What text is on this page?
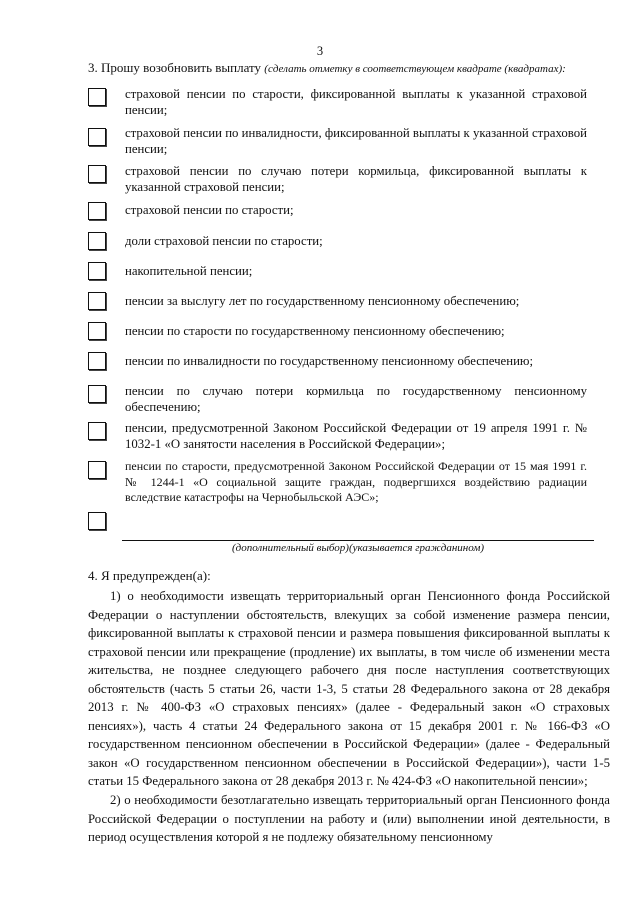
3
3. Прошу возобновить выплату (сделать отметку в соответствующем квадрате (квадратах):
страховой пенсии по старости, фиксированной выплаты к указанной страховой пенсии;
страховой пенсии по инвалидности, фиксированной выплаты к указанной страховой пенсии;
страховой пенсии по случаю потери кормильца, фиксированной выплаты к указанной страховой пенсии;
страховой пенсии по старости;
доли страховой пенсии по старости;
накопительной пенсии;
пенсии за выслугу лет по государственному пенсионному обеспечению;
пенсии по старости по государственному пенсионному обеспечению;
пенсии по инвалидности по государственному пенсионному обеспечению;
пенсии по случаю потери кормильца по государственному пенсионному обеспечению;
пенсии, предусмотренной Законом Российской Федерации от 19 апреля 1991 г. № 1032-1 «О занятости населения в Российской Федерации»;
пенсии по старости, предусмотренной Законом Российской Федерации от 15 мая 1991 г. № 1244-1 «О социальной защите граждан, подвергшихся воздействию радиации вследствие катастрофы на Чернобыльской АЭС»;
(дополнительный выбор)(указывается гражданином)
4. Я предупрежден(а):
1) о необходимости извещать территориальный орган Пенсионного фонда Российской Федерации о наступлении обстоятельств, влекущих за собой изменение размера пенсии, фиксированной выплаты к страховой пенсии и размера повышения фиксированной выплаты к страховой пенсии или прекращение (продление) их выплаты, в том числе об изменении места жительства, не позднее следующего рабочего дня после наступления соответствующих обстоятельств (часть 5 статьи 26, части 1-3, 5 статьи 28 Федерального закона от 28 декабря 2013 г. № 400-ФЗ «О страховых пенсиях» (далее - Федеральный закон «О страховых пенсиях»), часть 4 статьи 24 Федерального закона от 15 декабря 2001 г. № 166-ФЗ «О государственном пенсионном обеспечении в Российской Федерации» (далее - Федеральный закон «О государственном пенсионном обеспечении в Российской Федерации»), части 1-5 статьи 15 Федерального закона от 28 декабря 2013 г. № 424-ФЗ «О накопительной пенсии»;
2) о необходимости безотлагательно извещать территориальный орган Пенсионного фонда Российской Федерации о поступлении на работу и (или) выполнении иной деятельности, в период осуществления которой я не подлежу обязательному пенсионному
